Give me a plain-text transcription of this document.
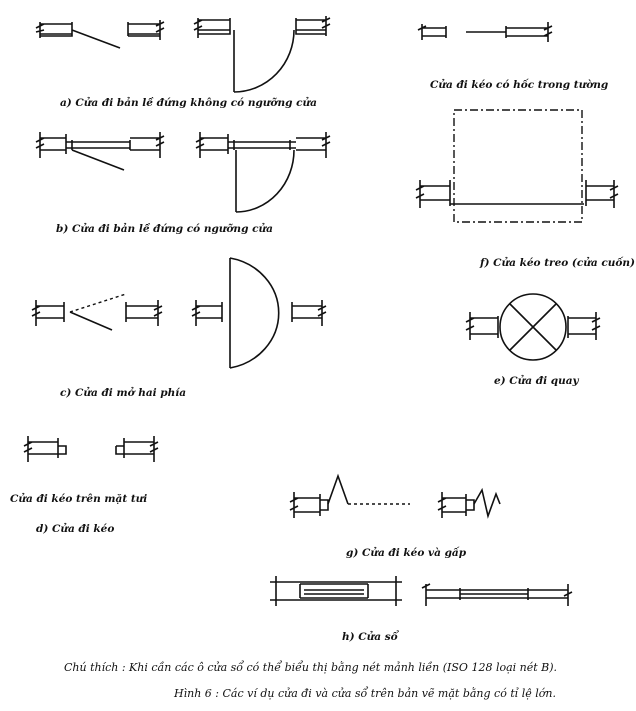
a) Cửa đi bản lề đứng không có ngưỡng cửa
b) Cửa đi bản lề đứng có ngưỡng cửa
c) Cửa đi mở hai phía
Cửa đi kéo trên mặt tưi
d) Cửa đi kéo
Cửa đi kéo có hốc trong tường
f) Cửa kéo treo (cửa cuốn)
e) Cửa đi quay
g) Cửa đi kéo và gấp
h) Cửa sổ
Chú thích : Khi cần các ô cửa sổ có thể biểu thị bằng nét mảnh liền (ISO 128 loại nét B).
Hình 6 : Các ví dụ cửa đi và cửa sổ trên bản vẽ mặt bằng có tỉ lệ lớn.
